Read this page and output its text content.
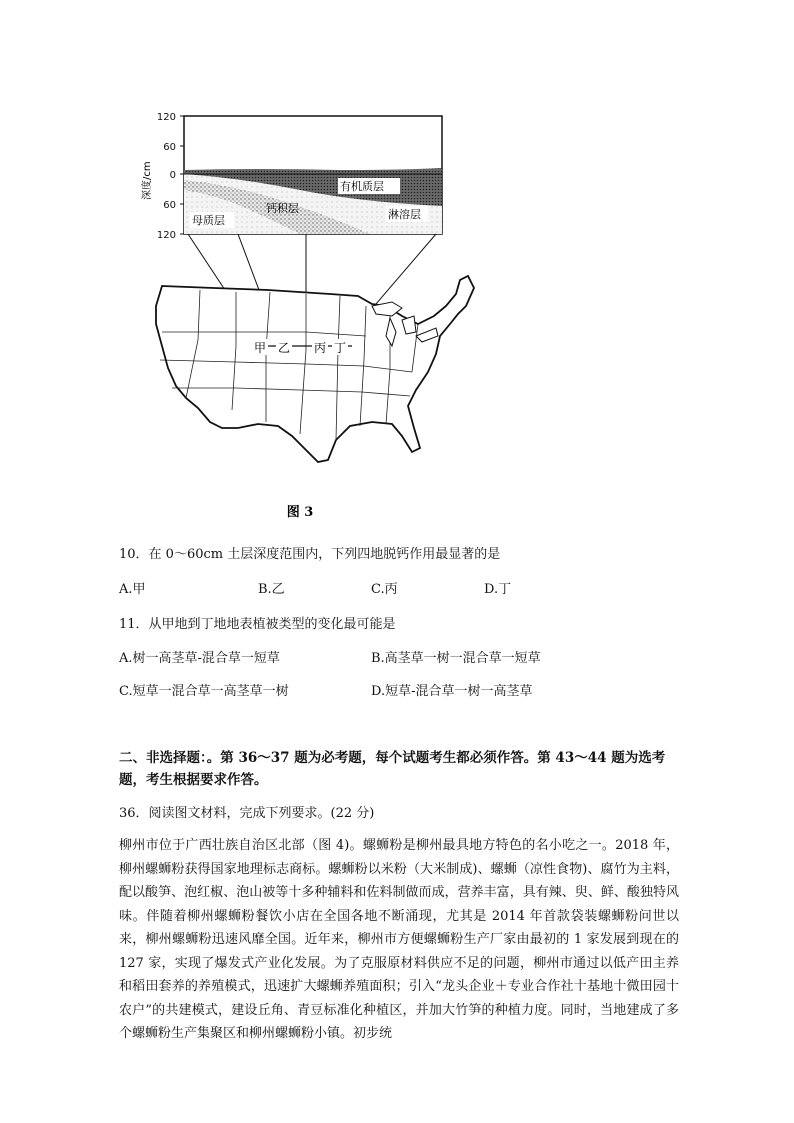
120
60
0
60
120
深度/cm	有机质层
钙积层
母质层	淋溶层
甲 乙 丙 丁
图 3
10．在 0～60cm 土层深度范围内，下列四地脱钙作用最显著的是
A.甲	B.乙	C.丙	D.丁
11．从甲地到丁地地表植被类型的变化最可能是
A.树一高茎草-混合草一短草	B.高茎草一树一混合草一短草
C.短草一混合草一高茎草一树	D.短草-混合草一树一高茎草
二、非选择题：。第 36～37 题为必考题，每个试题考生都必须作答。第 43～44 题为选考题，考生根据要求作答。
36．阅读图文材料，完成下列要求。(22 分)
柳州市位于广西壮族自治区北部（图 4)。螺蛳粉是柳州最具地方特色的名小吃之一。2018 年，柳州螺蛳粉获得国家地理标志商标。螺蛳粉以米粉（大米制成)、螺蛳（凉性食物)、腐竹为主料，配以酸笋、泡红椒、泡山被等十多种辅料和佐料制做而成，营养丰富，具有辣、臾、鲜、酸独特风味。伴随着柳州螺蛳粉餐饮小店在全国各地不断涌现，尤其是 2014 年首款袋装螺蛳粉问世以来，柳州螺蛳粉迅速风靡全国。近年来，柳州市方便螺蛳粉生产厂家由最初的 1 家发展到现在的 127 家，实现了爆发式产业化发展。为了克服原材料供应不足的问题，柳州市通过以低产田主养和稻田套养的养殖模式，迅速扩大螺蛳养殖面积；引入“龙头企业＋专业合作社十基地十微田园十农户”的共建模式，建设丘角、青豆标准化种植区，并加大竹笋的种植力度。同时，当地建成了多个螺蛳粉生产集聚区和柳州螺蛳粉小镇。初步统
